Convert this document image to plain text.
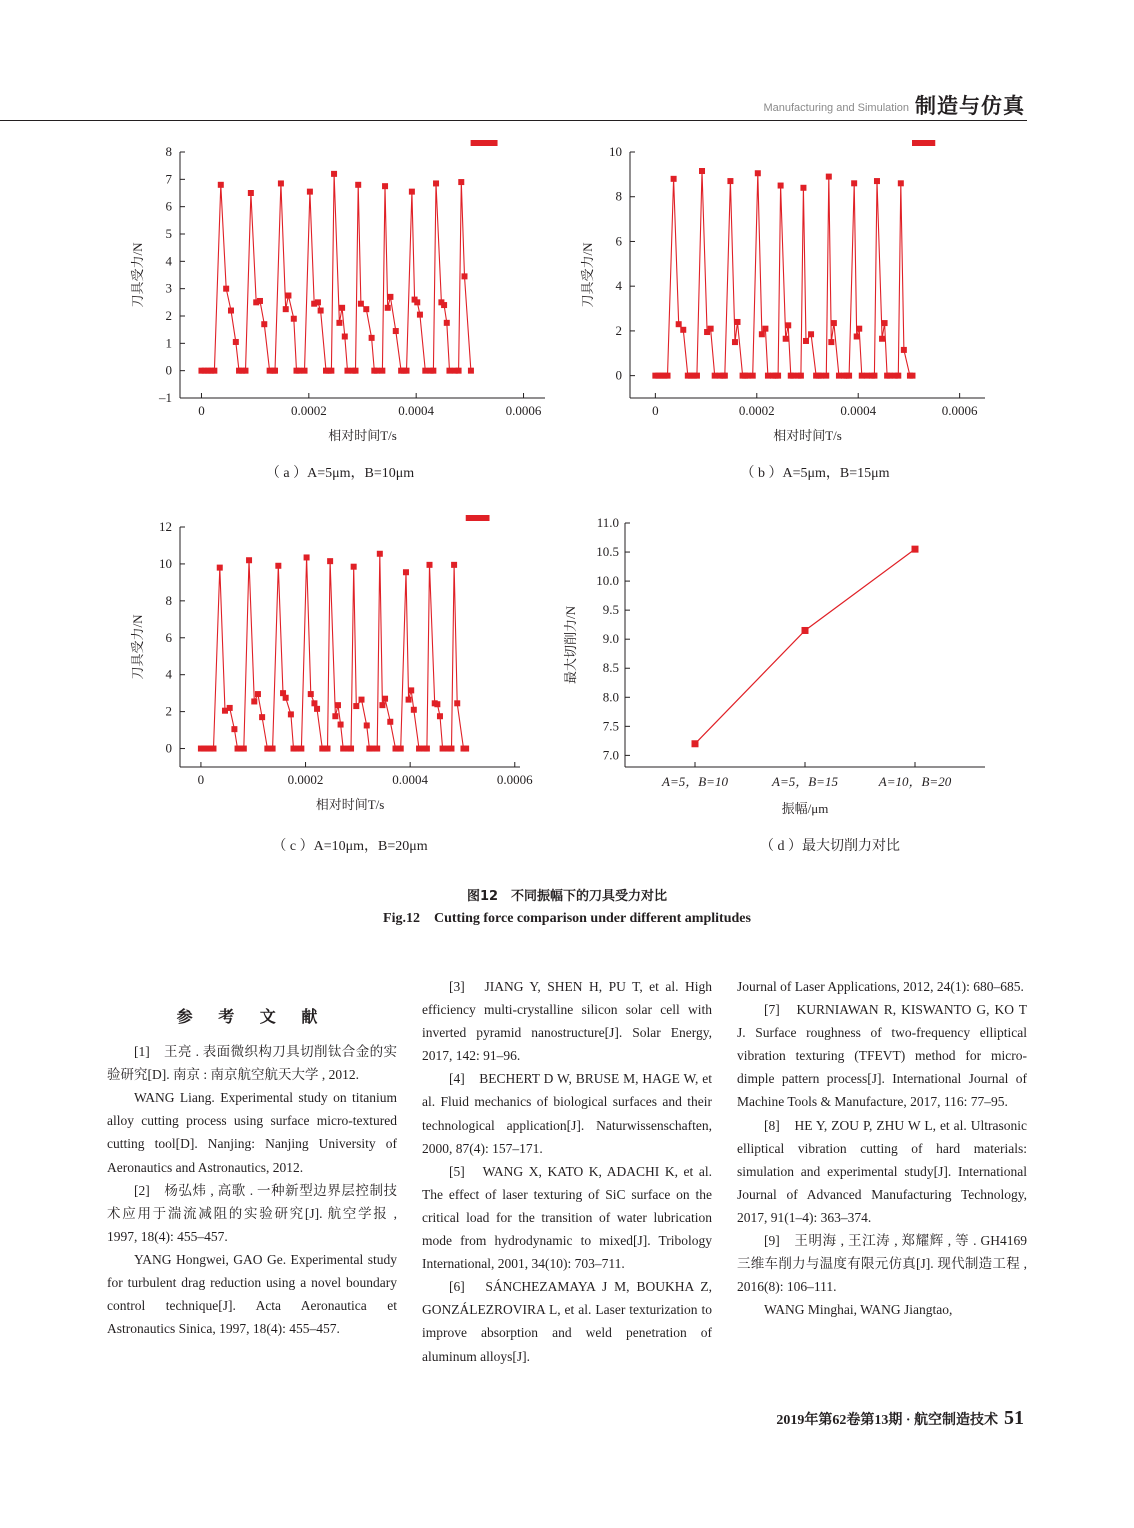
Manufacturing and Simulation 制造与仿真
–1
0
1
2
3
4
5
6
7
8
0	0.0002	0.0004	0.0006
相对时间T/s
刀具受力/N
（ a ）A=5μm，B=10μm
0
2
4
6
8
10
0	0.0002	0.0004	0.0006
相对时间T/s
刀具受力/N
（ b ）A=5μm，B=15μm
0
2
4
6
8
10
12
0	0.0002	0.0004	0.0006
相对时间T/s
刀具受力/N
（ c ）A=10μm，B=20μm
7.0
7.5
8.0
8.5
9.0
9.5
10.0
10.5
11.0
A=5，B=10	A=5，B=15	A=10，B=20
振幅/μm
最大切削力/N
（ d ）最大切削力对比
图12　不同振幅下的刀具受力对比
Fig.12　Cutting force comparison under different amplitudes

参 考 文 献

[1]　王亮 . 表面微织构刀具切削钛合金的实验研究[D]. 南京 : 南京航空航天大学 , 2012.

WANG Liang. Experimental study on titanium alloy cutting process using surface micro-textured cutting tool[D]. Nanjing: Nanjing University of Aeronautics and Astronautics, 2012.

[2]　杨弘炜 , 高歌 . 一种新型边界层控制技术应用于湍流减阻的实验研究[J]. 航空学报 , 1997, 18(4): 455–457.

YANG Hongwei, GAO Ge. Experimental study for turbulent drag reduction using a novel boundary control technique[J]. Acta Aeronautica et Astronautics Sinica, 1997, 18(4): 455–457.

[3]　JIANG Y, SHEN H, PU T, et al. High efficiency multi-crystalline silicon solar cell with inverted pyramid nanostructure[J]. Solar Energy, 2017, 142: 91–96.

[4]　BECHERT D W, BRUSE M, HAGE W, et al. Fluid mechanics of biological surfaces and their technological application[J]. Naturwissenschaften, 2000, 87(4): 157–171.

[5]　WANG X, KATO K, ADACHI K, et al. The effect of laser texturing of SiC surface on the critical load for the transition of water lubrication mode from hydrodynamic to mixed[J]. Tribology International, 2001, 34(10): 703–711.

[6]　SÁNCHEZAMAYA J M, BOUKHA Z, GONZÁLEZROVIRA L, et al. Laser texturization to improve absorption and weld penetration of aluminum alloys[J].

Journal of Laser Applications, 2012, 24(1): 680–685.

[7]　KURNIAWAN R, KISWANTO G, KO T J. Surface roughness of two-frequency elliptical vibration texturing (TFEVT) method for micro-dimple pattern process[J]. International Journal of Machine Tools & Manufacture, 2017, 116: 77–95.

[8]　HE Y, ZOU P, ZHU W L, et al. Ultrasonic elliptical vibration cutting of hard materials: simulation and experimental study[J]. International Journal of Advanced Manufacturing Technology, 2017, 91(1–4): 363–374.

[9]　王明海 , 王江涛 , 郑耀辉 , 等 . GH4169 三维车削力与温度有限元仿真[J]. 现代制造工程 , 2016(8): 106–111.

WANG Minghai, WANG Jiangtao,

2019年第62卷第13期 · 航空制造技术 51
